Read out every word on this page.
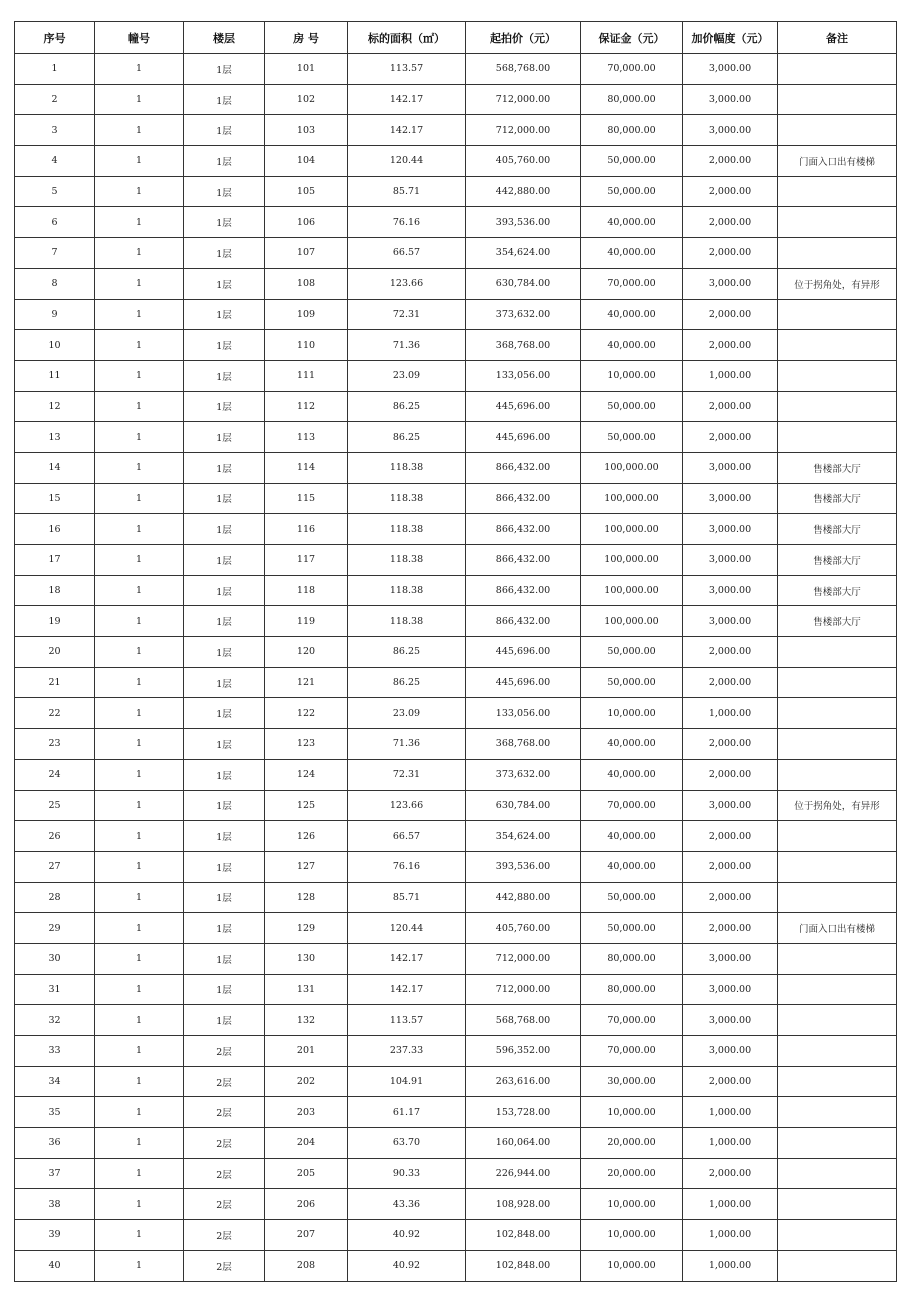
序号	幢号	楼层	房 号	标的面积（㎡）	起拍价（元）	保证金（元）	加价幅度（元）	备注
1	1	1层	101	113.57	568,768.00	70,000.00	3,000.00	
2	1	1层	102	142.17	712,000.00	80,000.00	3,000.00	
3	1	1层	103	142.17	712,000.00	80,000.00	3,000.00	
4	1	1层	104	120.44	405,760.00	50,000.00	2,000.00	门面入口出有楼梯
5	1	1层	105	85.71	442,880.00	50,000.00	2,000.00	
6	1	1层	106	76.16	393,536.00	40,000.00	2,000.00	
7	1	1层	107	66.57	354,624.00	40,000.00	2,000.00	
8	1	1层	108	123.66	630,784.00	70,000.00	3,000.00	位于拐角处，有异形
9	1	1层	109	72.31	373,632.00	40,000.00	2,000.00	
10	1	1层	110	71.36	368,768.00	40,000.00	2,000.00	
11	1	1层	111	23.09	133,056.00	10,000.00	1,000.00	
12	1	1层	112	86.25	445,696.00	50,000.00	2,000.00	
13	1	1层	113	86.25	445,696.00	50,000.00	2,000.00	
14	1	1层	114	118.38	866,432.00	100,000.00	3,000.00	售楼部大厅
15	1	1层	115	118.38	866,432.00	100,000.00	3,000.00	售楼部大厅
16	1	1层	116	118.38	866,432.00	100,000.00	3,000.00	售楼部大厅
17	1	1层	117	118.38	866,432.00	100,000.00	3,000.00	售楼部大厅
18	1	1层	118	118.38	866,432.00	100,000.00	3,000.00	售楼部大厅
19	1	1层	119	118.38	866,432.00	100,000.00	3,000.00	售楼部大厅
20	1	1层	120	86.25	445,696.00	50,000.00	2,000.00	
21	1	1层	121	86.25	445,696.00	50,000.00	2,000.00	
22	1	1层	122	23.09	133,056.00	10,000.00	1,000.00	
23	1	1层	123	71.36	368,768.00	40,000.00	2,000.00	
24	1	1层	124	72.31	373,632.00	40,000.00	2,000.00	
25	1	1层	125	123.66	630,784.00	70,000.00	3,000.00	位于拐角处，有异形
26	1	1层	126	66.57	354,624.00	40,000.00	2,000.00	
27	1	1层	127	76.16	393,536.00	40,000.00	2,000.00	
28	1	1层	128	85.71	442,880.00	50,000.00	2,000.00	
29	1	1层	129	120.44	405,760.00	50,000.00	2,000.00	门面入口出有楼梯
30	1	1层	130	142.17	712,000.00	80,000.00	3,000.00	
31	1	1层	131	142.17	712,000.00	80,000.00	3,000.00	
32	1	1层	132	113.57	568,768.00	70,000.00	3,000.00	
33	1	2层	201	237.33	596,352.00	70,000.00	3,000.00	
34	1	2层	202	104.91	263,616.00	30,000.00	2,000.00	
35	1	2层	203	61.17	153,728.00	10,000.00	1,000.00	
36	1	2层	204	63.70	160,064.00	20,000.00	1,000.00	
37	1	2层	205	90.33	226,944.00	20,000.00	2,000.00	
38	1	2层	206	43.36	108,928.00	10,000.00	1,000.00	
39	1	2层	207	40.92	102,848.00	10,000.00	1,000.00	
40	1	2层	208	40.92	102,848.00	10,000.00	1,000.00	
